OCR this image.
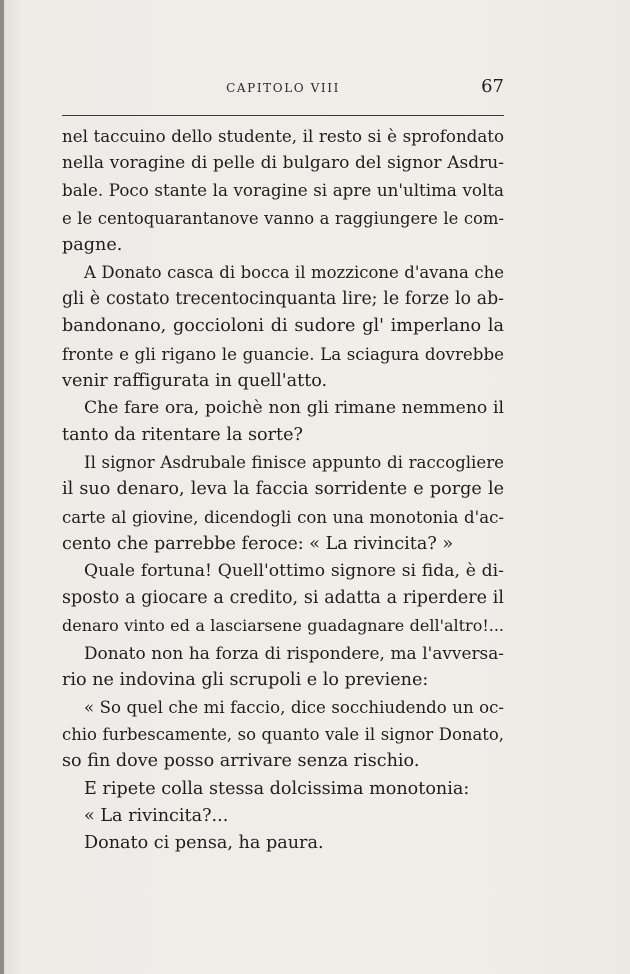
CAPITOLO VIII	67
nel taccuino dello studente, il resto si è sprofondato
nella voragine di pelle di bulgaro del signor Asdru-
bale. Poco stante la voragine si apre un'ultima volta
e le centoquarantanove vanno a raggiungere le com-
pagne.
A Donato casca di bocca il mozzicone d'avana che
gli è costato trecentocinquanta lire; le forze lo ab-
bandonano, goccioloni di sudore gl' imperlano la
fronte e gli rigano le guancie. La sciagura dovrebbe
venir raffigurata in quell'atto.
Che fare ora, poichè non gli rimane nemmeno il
tanto da ritentare la sorte?
Il signor Asdrubale finisce appunto di raccogliere
il suo denaro, leva la faccia sorridente e porge le
carte al giovine, dicendogli con una monotonia d'ac-
cento che parrebbe feroce: « La rivincita? »
Quale fortuna! Quell'ottimo signore si fida, è di-
sposto a giocare a credito, si adatta a riperdere il
denaro vinto ed a lasciarsene guadagnare dell'altro!...
Donato non ha forza di rispondere, ma l'avversa-
rio ne indovina gli scrupoli e lo previene:
« So quel che mi faccio, dice socchiudendo un oc-
chio furbescamente, so quanto vale il signor Donato,
so fin dove posso arrivare senza rischio.
E ripete colla stessa dolcissima monotonia:
« La rivincita?...
Donato ci pensa, ha paura.
